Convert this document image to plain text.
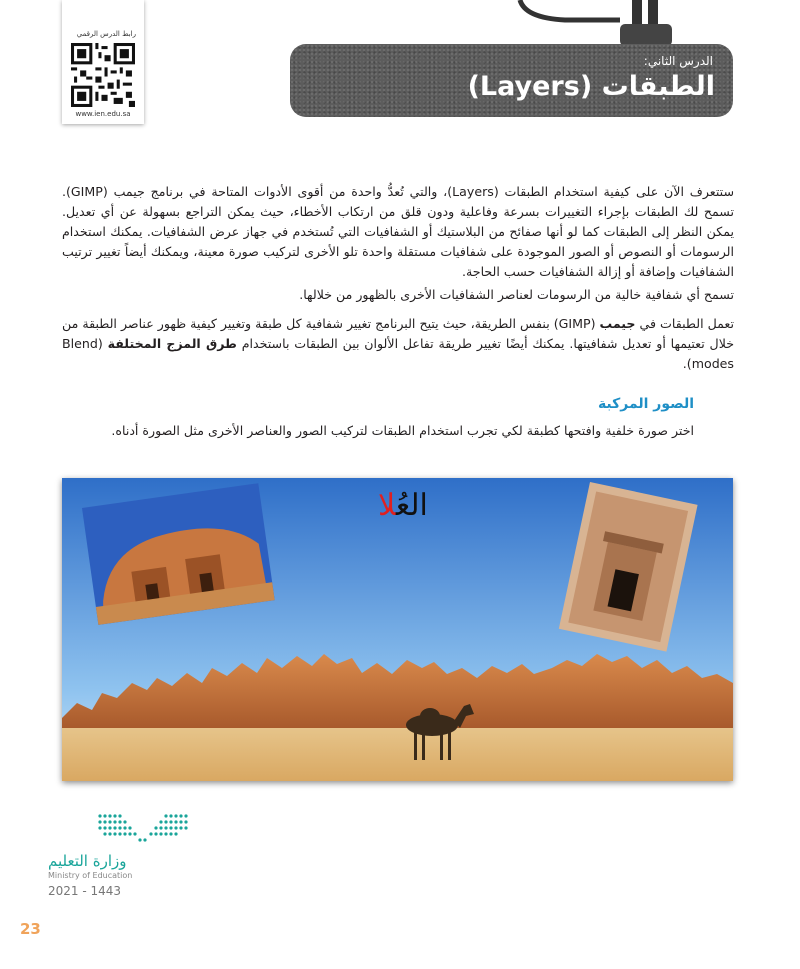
رابط الدرس الرقمي
www.ien.edu.sa
الدرس الثاني:
الطبقات (Layers)

ستتعرف الآن على كيفية استخدام الطبقات (Layers)، والتي تُعدُّ واحدة من أقوى الأدوات المتاحة في برنامج جيمب (GIMP). تسمح لك الطبقات بإجراء التغييرات بسرعة وفاعلية ودون قلق من ارتكاب الأخطاء، حيث يمكن التراجع بسهولة عن أي تعديل. يمكن النظر إلى الطبقات كما لو أنها صفائح من البلاستيك أو الشفافيات التي تُستخدم في جهاز عرض الشفافيات. يمكنك استخدام الرسومات أو النصوص أو الصور الموجودة على شفافيات مستقلة واحدة تلو الأخرى لتركيب صورة معينة، ويمكنك أيضاً تغيير ترتيب الشفافيات وإضافة أو إزالة الشفافيات حسب الحاجة.

تسمح أي شفافية خالية من الرسومات لعناصر الشفافيات الأخرى بالظهور من خلالها.

تعمل الطبقات في جيمب (GIMP) بنفس الطريقة، حيث يتيح البرنامج تغيير شفافية كل طبقة وتغيير كيفية ظهور عناصر الطبقة من خلال تعتيمها أو تعديل شفافيتها. يمكنك أيضًا تغيير طريقة تفاعل الألوان بين الطبقات باستخدام طرق المزج المختلفة (Blend modes).

الصور المركبة
اختر صورة خلفية وافتحها كطبقة لكي تجرب استخدام الطبقات لتركيب الصور والعناصر الأخرى مثل الصورة أدناه.
العُلا
وزارة التعليم
Ministry of Education
2021 - 1443
23
